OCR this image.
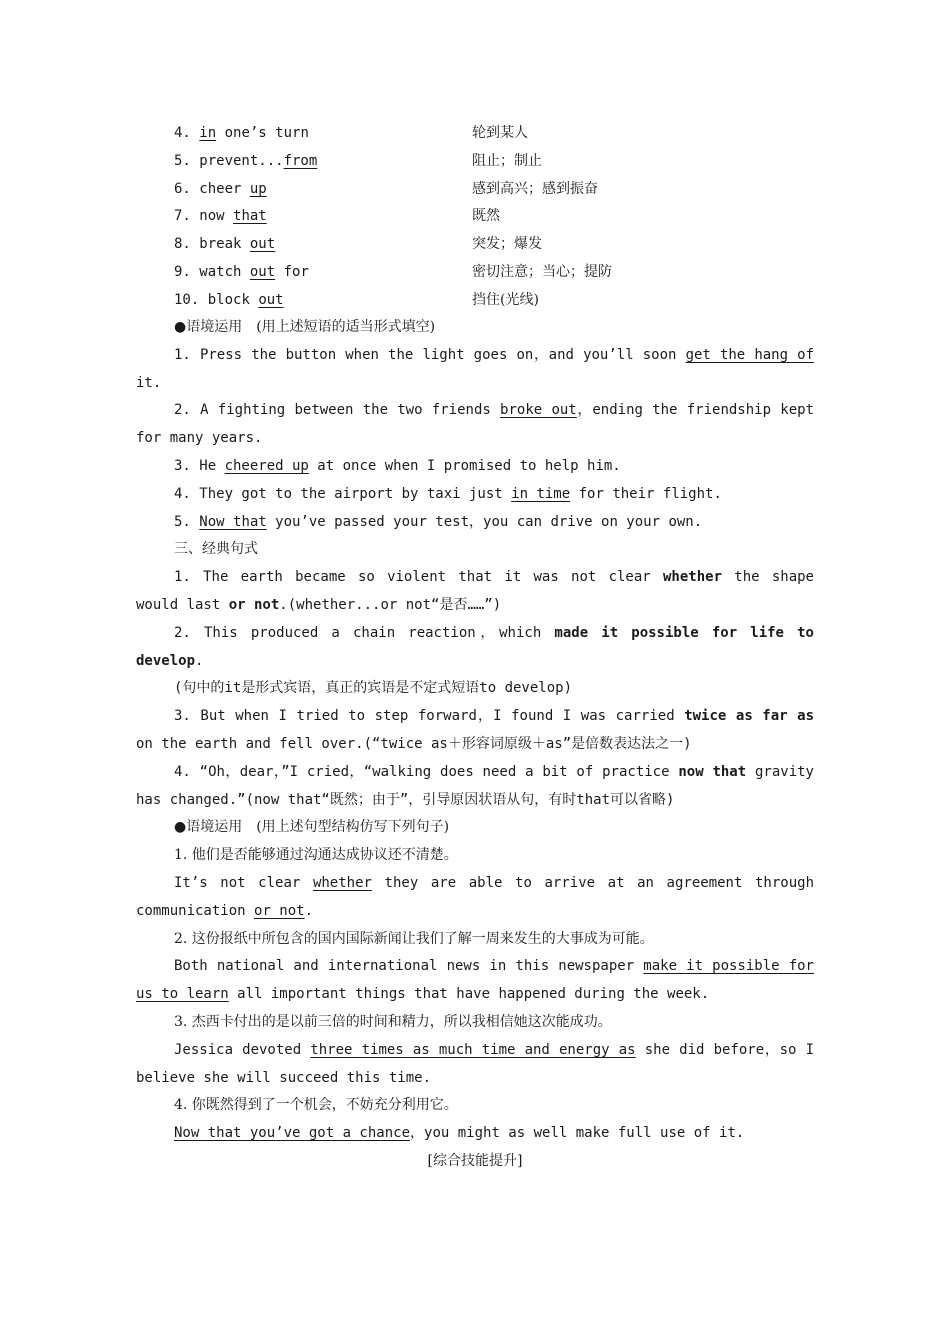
4. in one’s turn	轮到某人
5. prevent...from	阻止；制止
6. cheer up	感到高兴；感到振奋
7. now that	既然
8. break out	突发；爆发
9. watch out for	密切注意；当心；提防
10. block out	挡住(光线)

●语境运用　(用上述短语的适当形式填空)

1. Press the button when the light goes on，and you’ll soon get the hang of it.

2. A fighting between the two friends broke out，ending the friendship kept for many years.

3. He cheered up at once when I promised to help him.

4. They got to the airport by taxi just in time for their flight.

5. Now that you’ve passed your test，you can drive on your own.

三、经典句式

1. The earth became so violent that it was not clear whether the shape would last or not.(whether...or not“是否……”)

2. This produced a chain reaction，which made it possible for life to develop.

(句中的it是形式宾语，真正的宾语是不定式短语to develop)

3. But when I tried to step forward，I found I was carried twice as far as on the earth and fell over.(“twice as＋形容词原级＋as”是倍数表达法之一)

4. “Oh，dear，”I cried，“walking does need a bit of practice now that gravity has changed.”(now that“既然；由于”，引导原因状语从句，有时that可以省略)

●语境运用　(用上述句型结构仿写下列句子)

1. 他们是否能够通过沟通达成协议还不清楚。

It’s not clear whether they are able to arrive at an agreement through communication or not.

2. 这份报纸中所包含的国内国际新闻让我们了解一周来发生的大事成为可能。

Both national and international news in this newspaper make it possible for us to learn all important things that have happened during the week.

3. 杰西卡付出的是以前三倍的时间和精力，所以我相信她这次能成功。

Jessica devoted three times as much time and energy as she did before，so I believe she will succeed this time.

4. 你既然得到了一个机会，不妨充分利用它。

Now that you’ve got a chance，you might as well make full use of it.

[综合技能提升]
